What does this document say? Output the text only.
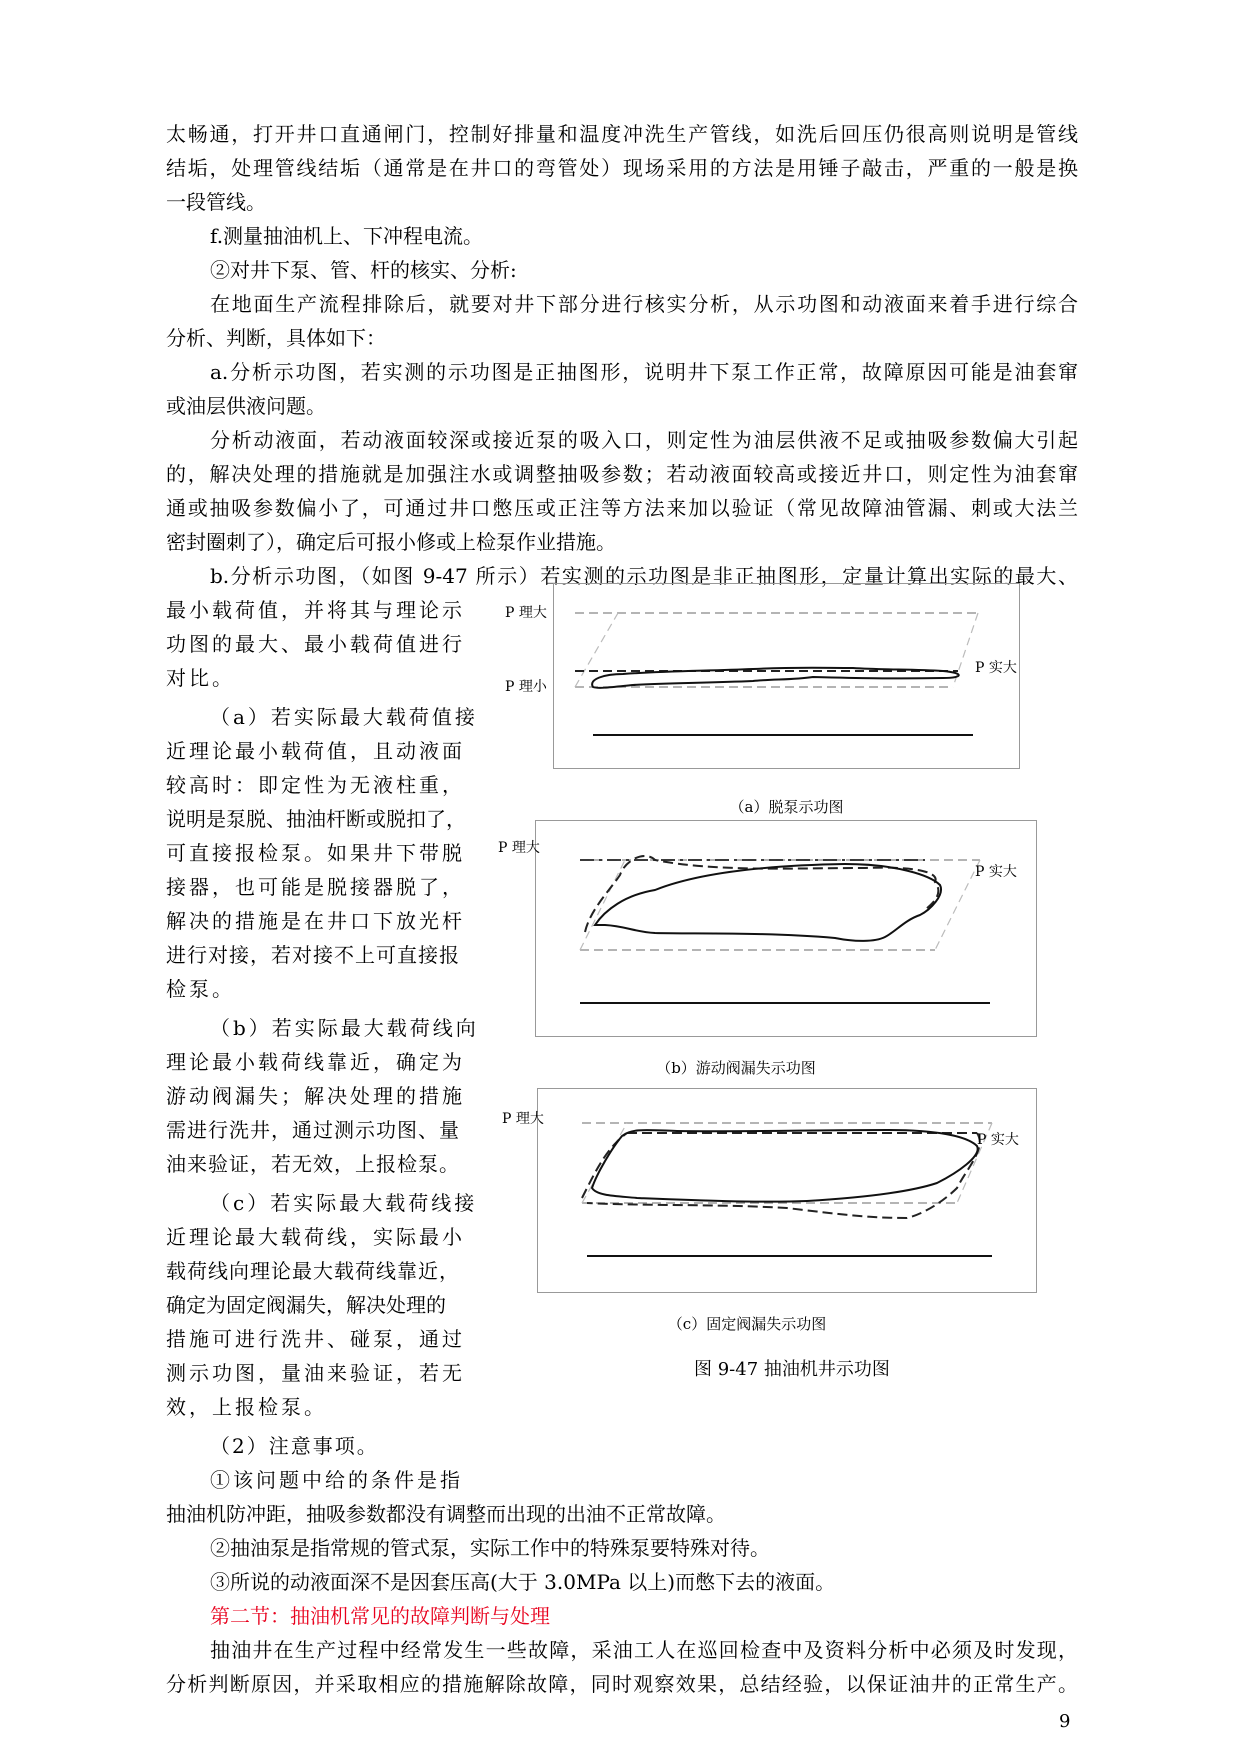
太畅通，打开井口直通闸门，控制好排量和温度冲洗生产管线，如洗后回压仍很高则说明是管线
结垢，处理管线结垢（通常是在井口的弯管处）现场采用的方法是用锤子敲击，严重的一般是换
一段管线。
f.测量抽油机上、下冲程电流。
②对井下泵、管、杆的核实、分析:
在地面生产流程排除后，就要对井下部分进行核实分析，从示功图和动液面来着手进行综合
分析、判断，具体如下：
a.分析示功图，若实测的示功图是正抽图形，说明井下泵工作正常，故障原因可能是油套窜
或油层供液问题。
分析动液面，若动液面较深或接近泵的吸入口，则定性为油层供液不足或抽吸参数偏大引起
的，解决处理的措施就是加强注水或调整抽吸参数；若动液面较高或接近井口，则定性为油套窜
通或抽吸参数偏小了，可通过井口憋压或正注等方法来加以验证（常见故障油管漏、刺或大法兰
密封圈刺了），确定后可报小修或上检泵作业措施。
b.分析示功图，（如图 9-47 所示）若实测的示功图是非正抽图形，定量计算出实际的最大、
最小载荷值，并将其与理论示
功图的最大、最小载荷值进行
对比。
（a）若实际最大载荷值接
近理论最小载荷值，且动液面
较高时：即定性为无液柱重，
说明是泵脱、抽油杆断或脱扣了，
可直接报检泵。如果井下带脱
接器，也可能是脱接器脱了，
解决的措施是在井口下放光杆
进行对接，若对接不上可直接报
检泵。
（b）若实际最大载荷线向
理论最小载荷线靠近，确定为
游动阀漏失；解决处理的措施
需进行洗井，通过测示功图、量
油来验证，若无效，上报检泵。
（c）若实际最大载荷线接
近理论最大载荷线，实际最小
载荷线向理论最大载荷线靠近，
确定为固定阀漏失，解决处理的
措施可进行洗井、碰泵，通过
测示功图，量油来验证，若无
效，上报检泵。
（2）注意事项。
①该问题中给的条件是指
抽油机防冲距，抽吸参数都没有调整而出现的出油不正常故障。
②抽油泵是指常规的管式泵，实际工作中的特殊泵要特殊对待。
③所说的动液面深不是因套压高(大于 3.0MPa 以上)而憋下去的液面。
第二节：抽油机常见的故障判断与处理
抽油井在生产过程中经常发生一些故障，采油工人在巡回检查中及资料分析中必须及时发现，
分析判断原因，并采取相应的措施解除故障，同时观察效果，总结经验，以保证油井的正常生产。
P 理大
P 理小
P 实大
（a）脱泵示功图
P 理大
P 实大
（b）游动阀漏失示功图
P 理大
P 实大
（c）固定阀漏失示功图
图 9-47 抽油机井示功图
9
